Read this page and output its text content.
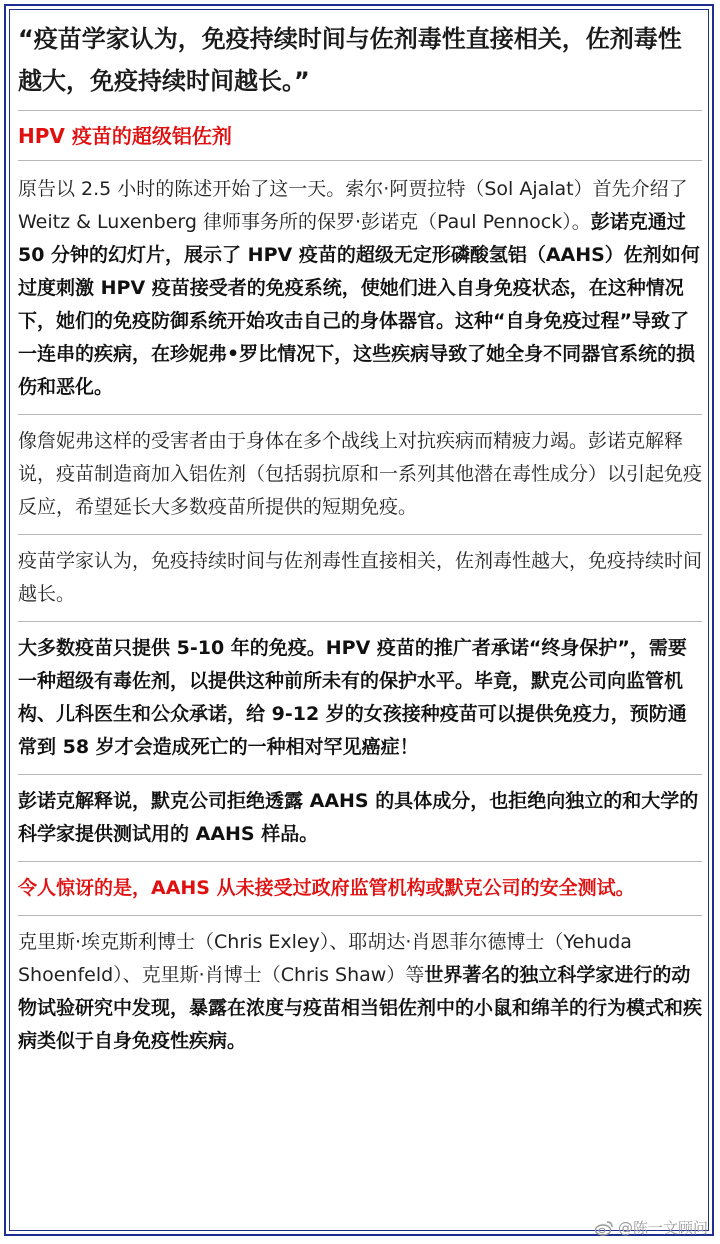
“疫苗学家认为，免疫持续时间与佐剂毒性直接相关，佐剂毒性越大，免疫持续时间越长。”
HPV 疫苗的超级铝佐剂
原告以 2.5 小时的陈述开始了这一天。索尔·阿贾拉特（Sol Ajalat）首先介绍了 Weitz & Luxenberg 律师事务所的保罗·彭诺克（Paul Pennock）。彭诺克通过 50 分钟的幻灯片，展示了 HPV 疫苗的超级无定形磷酸氢铝（AAHS）佐剂如何过度刺激 HPV 疫苗接受者的免疫系统，使她们进入自身免疫状态，在这种情况下，她们的免疫防御系统开始攻击自己的身体器官。这种“自身免疫过程”导致了一连串的疾病，在珍妮弗•罗比情况下，这些疾病导致了她全身不同器官系统的损伤和恶化。
像詹妮弗这样的受害者由于身体在多个战线上对抗疾病而精疲力竭。彭诺克解释说，疫苗制造商加入铝佐剂（包括弱抗原和一系列其他潜在毒性成分）以引起免疫反应，希望延长大多数疫苗所提供的短期免疫。
疫苗学家认为，免疫持续时间与佐剂毒性直接相关，佐剂毒性越大，免疫持续时间越长。
大多数疫苗只提供 5-10 年的免疫。HPV 疫苗的推广者承诺“终身保护”，需要一种超级有毒佐剂，以提供这种前所未有的保护水平。毕竟，默克公司向监管机构、儿科医生和公众承诺，给 9-12 岁的女孩接种疫苗可以提供免疫力，预防通常到 58 岁才会造成死亡的一种相对罕见癌症！
彭诺克解释说，默克公司拒绝透露 AAHS 的具体成分，也拒绝向独立的和大学的科学家提供测试用的 AAHS 样品。
令人惊讶的是，AAHS 从未接受过政府监管机构或默克公司的安全测试。
克里斯·埃克斯利博士（Chris Exley）、耶胡达·肖恩菲尔德博士（Yehuda Shoenfeld）、克里斯·肖博士（Chris Shaw）等世界著名的独立科学家进行的动物试验研究中发现，暴露在浓度与疫苗相当铝佐剂中的小鼠和绵羊的行为模式和疾病类似于自身免疫性疾病。
@陈一文顾问
